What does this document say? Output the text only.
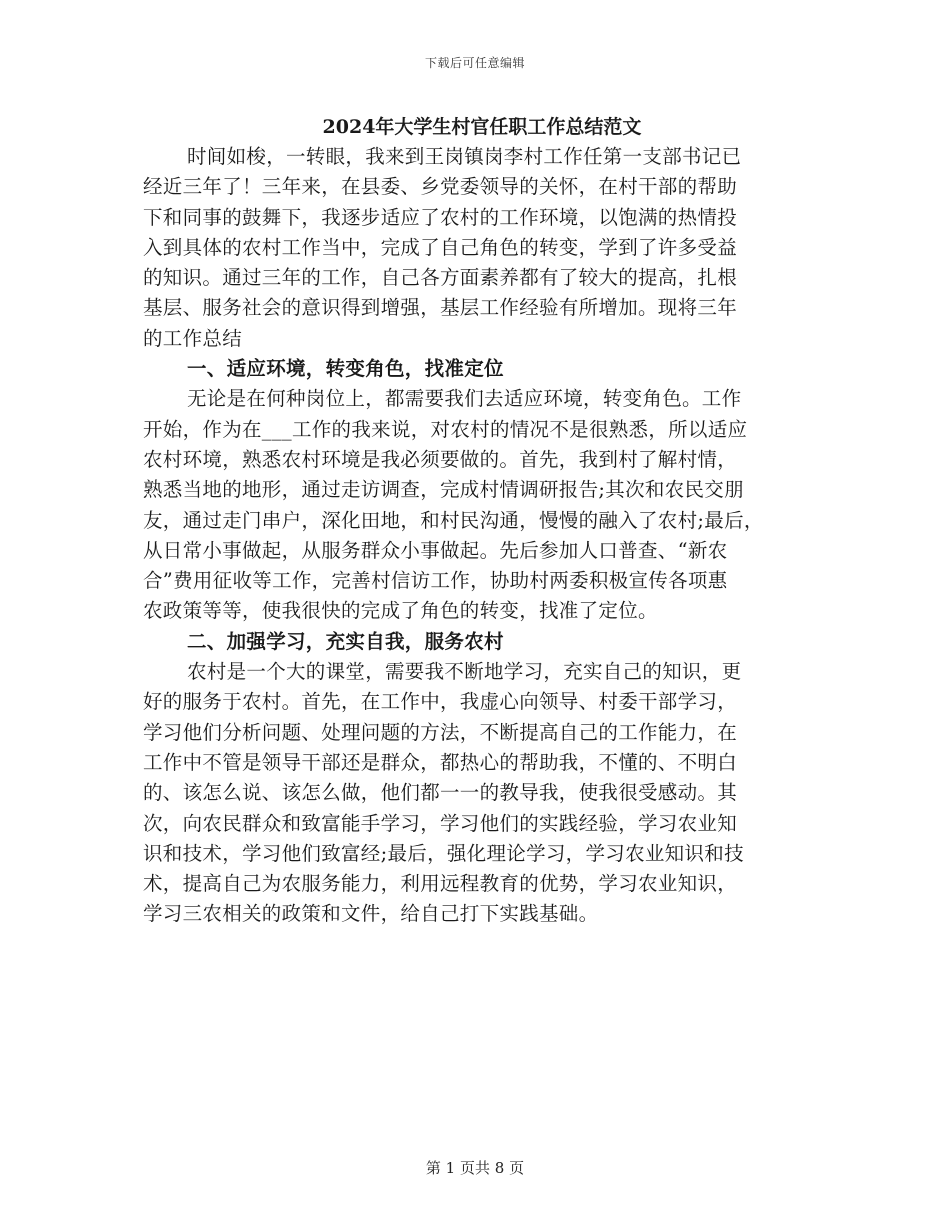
下载后可任意编辑
2024年大学生村官任职工作总结范文
时间如梭，一转眼，我来到王岗镇岗李村工作任第一支部书记已
经近三年了！三年来，在县委、乡党委领导的关怀，在村干部的帮助
下和同事的鼓舞下，我逐步适应了农村的工作环境，以饱满的热情投
入到具体的农村工作当中，完成了自己角色的转变，学到了许多受益
的知识。通过三年的工作，自己各方面素养都有了较大的提高，扎根
基层、服务社会的意识得到增强，基层工作经验有所增加。现将三年
的工作总结
一、适应环境，转变角色，找准定位
无论是在何种岗位上，都需要我们去适应环境，转变角色。工作
开始，作为在___工作的我来说，对农村的情况不是很熟悉，所以适应
农村环境，熟悉农村环境是我必须要做的。首先，我到村了解村情，
熟悉当地的地形，通过走访调查，完成村情调研报告;其次和农民交朋
友，通过走门串户，深化田地，和村民沟通，慢慢的融入了农村;最后，
从日常小事做起，从服务群众小事做起。先后参加人口普查、“新农
合”费用征收等工作，完善村信访工作，协助村两委积极宣传各项惠
农政策等等，使我很快的完成了角色的转变，找准了定位。
二、加强学习，充实自我，服务农村
农村是一个大的课堂，需要我不断地学习，充实自己的知识，更
好的服务于农村。首先，在工作中，我虚心向领导、村委干部学习，
学习他们分析问题、处理问题的方法，不断提高自己的工作能力，在
工作中不管是领导干部还是群众，都热心的帮助我，不懂的、不明白
的、该怎么说、该怎么做，他们都一一的教导我，使我很受感动。其
次，向农民群众和致富能手学习，学习他们的实践经验，学习农业知
识和技术，学习他们致富经;最后，强化理论学习，学习农业知识和技
术，提高自己为农服务能力，利用远程教育的优势，学习农业知识，
学习三农相关的政策和文件，给自己打下实践基础。
第 1 页共 8 页
